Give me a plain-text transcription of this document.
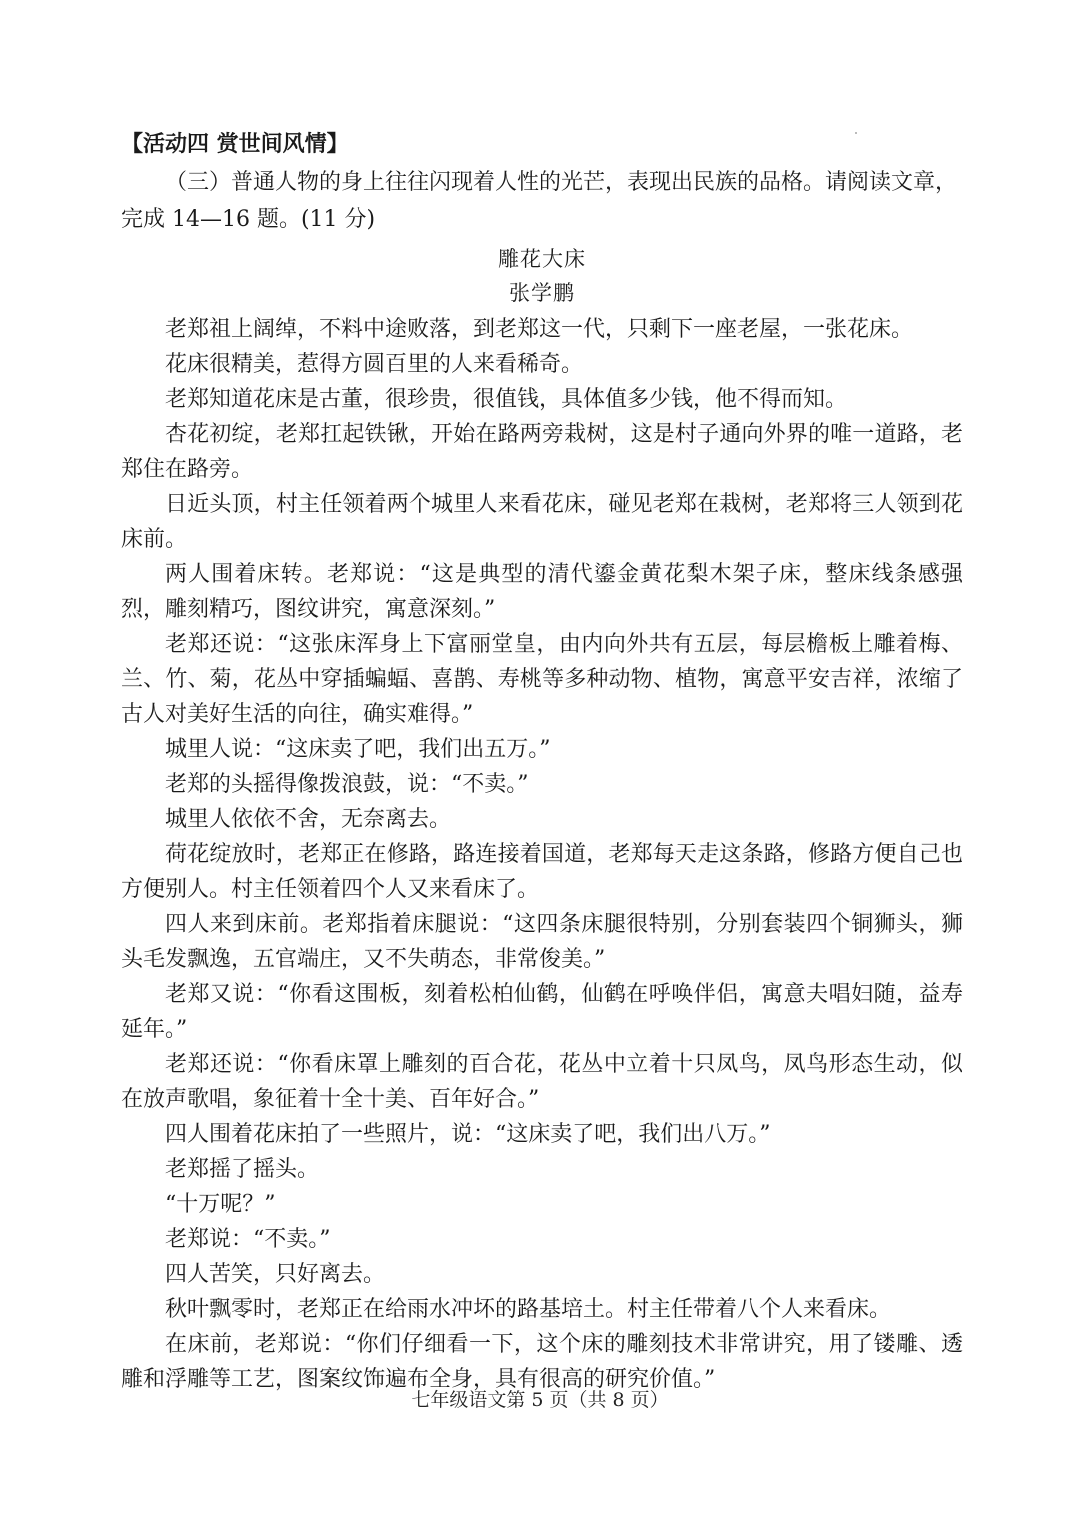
【活动四 赏世间风情】

（三）普通人物的身上往往闪现着人性的光芒，表现出民族的品格。请阅读文章，完成 14—16 题。(11 分)

雕花大床
张学鹏

老郑祖上阔绰，不料中途败落，到老郑这一代，只剩下一座老屋，一张花床。

花床很精美，惹得方圆百里的人来看稀奇。

老郑知道花床是古董，很珍贵，很值钱，具体值多少钱，他不得而知。

杏花初绽，老郑扛起铁锹，开始在路两旁栽树，这是村子通向外界的唯一道路，老郑住在路旁。

日近头顶，村主任领着两个城里人来看花床，碰见老郑在栽树，老郑将三人领到花床前。

两人围着床转。老郑说：“这是典型的清代鎏金黄花梨木架子床，整床线条感强烈，雕刻精巧，图纹讲究，寓意深刻。”

老郑还说：“这张床浑身上下富丽堂皇，由内向外共有五层，每层檐板上雕着梅、兰、竹、菊，花丛中穿插蝙蝠、喜鹊、寿桃等多种动物、植物，寓意平安吉祥，浓缩了古人对美好生活的向往，确实难得。”

城里人说：“这床卖了吧，我们出五万。”

老郑的头摇得像拨浪鼓，说：“不卖。”

城里人依依不舍，无奈离去。

荷花绽放时，老郑正在修路，路连接着国道，老郑每天走这条路，修路方便自己也方便别人。村主任领着四个人又来看床了。

四人来到床前。老郑指着床腿说：“这四条床腿很特别，分别套装四个铜狮头，狮头毛发飘逸，五官端庄，又不失萌态，非常俊美。”

老郑又说：“你看这围板，刻着松柏仙鹤，仙鹤在呼唤伴侣，寓意夫唱妇随，益寿延年。”

老郑还说：“你看床罩上雕刻的百合花，花丛中立着十只凤鸟，凤鸟形态生动，似在放声歌唱，象征着十全十美、百年好合。”

四人围着花床拍了一些照片，说：“这床卖了吧，我们出八万。”

老郑摇了摇头。

“十万呢？”

老郑说：“不卖。”

四人苦笑，只好离去。

秋叶飘零时，老郑正在给雨水冲坏的路基培土。村主任带着八个人来看床。

在床前，老郑说：“你们仔细看一下，这个床的雕刻技术非常讲究，用了镂雕、透雕和浮雕等工艺，图案纹饰遍布全身，具有很高的研究价值。”

七年级语文第 5 页（共 8 页）
